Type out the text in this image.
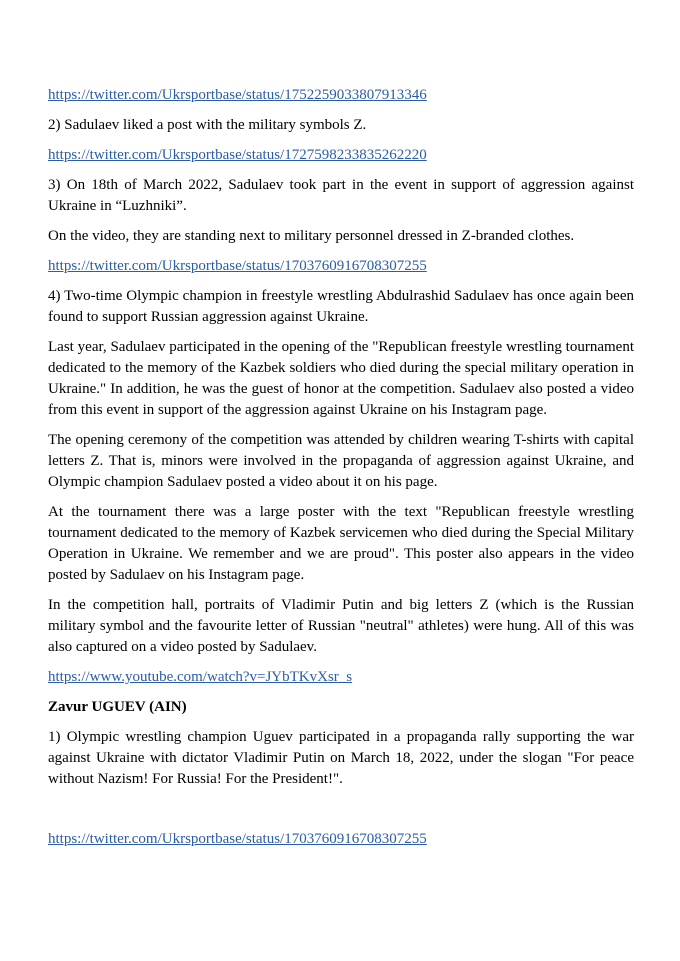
https://twitter.com/Ukrsportbase/status/1752259033807913346

2) Sadulaev liked a post with the military symbols Z.

https://twitter.com/Ukrsportbase/status/1727598233835262220

3) On 18th of March 2022, Sadulaev took part in the event in support of aggression against Ukraine in “Luzhniki”.

On the video, they are standing next to military personnel dressed in Z-branded clothes.

https://twitter.com/Ukrsportbase/status/1703760916708307255

4) Two-time Olympic champion in freestyle wrestling Abdulrashid Sadulaev has once again been found to support Russian aggression against Ukraine.

Last year, Sadulaev participated in the opening of the "Republican freestyle wrestling tournament dedicated to the memory of the Kazbek soldiers who died during the special military operation in Ukraine." In addition, he was the guest of honor at the competition. Sadulaev also posted a video from this event in support of the aggression against Ukraine on his Instagram page.

The opening ceremony of the competition was attended by children wearing T-shirts with capital letters Z. That is, minors were involved in the propaganda of aggression against Ukraine, and Olympic champion Sadulaev posted a video about it on his page.

At the tournament there was a large poster with the text "Republican freestyle wrestling tournament dedicated to the memory of Kazbek servicemen who died during the Special Military Operation in Ukraine. We remember and we are proud". This poster also appears in the video posted by Sadulaev on his Instagram page.

In the competition hall, portraits of Vladimir Putin and big letters Z (which is the Russian military symbol and the favourite letter of Russian "neutral" athletes) were hung. All of this was also captured on a video posted by Sadulaev.

https://www.youtube.com/watch?v=JYbTKvXsr_s

Zavur UGUEV (AIN)

1) Olympic wrestling champion Uguev participated in a propaganda rally supporting the war against Ukraine with dictator Vladimir Putin on March 18, 2022, under the slogan "For peace without Nazism! For Russia! For the President!".

https://twitter.com/Ukrsportbase/status/1703760916708307255
